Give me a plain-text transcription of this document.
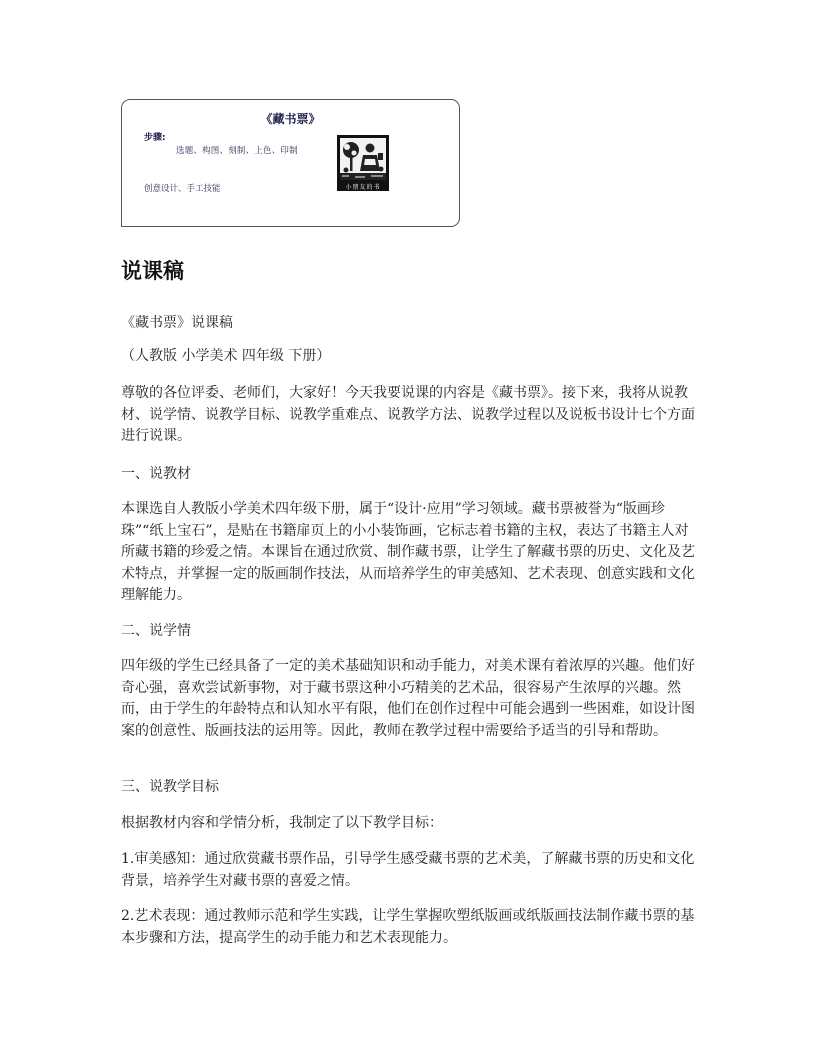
《藏书票》
步骤:
选题、构图、刻制、上色、印制
创意设计、手工技能	小朋友的书
说课稿

《藏书票》说课稿

（人教版 小学美术 四年级 下册）

尊敬的各位评委、老师们，大家好！今天我要说课的内容是《藏书票》。接下来，我将从说教材、说学情、说教学目标、说教学重难点、说教学方法、说教学过程以及说板书设计七个方面进行说课。

一、说教材

本课选自人教版小学美术四年级下册，属于“设计·应用”学习领域。藏书票被誉为“版画珍珠”“纸上宝石”，是贴在书籍扉页上的小小装饰画，它标志着书籍的主权，表达了书籍主人对所藏书籍的珍爱之情。本课旨在通过欣赏、制作藏书票，让学生了解藏书票的历史、文化及艺术特点，并掌握一定的版画制作技法，从而培养学生的审美感知、艺术表现、创意实践和文化理解能力。

二、说学情

四年级的学生已经具备了一定的美术基础知识和动手能力，对美术课有着浓厚的兴趣。他们好奇心强，喜欢尝试新事物，对于藏书票这种小巧精美的艺术品，很容易产生浓厚的兴趣。然而，由于学生的年龄特点和认知水平有限，他们在创作过程中可能会遇到一些困难，如设计图案的创意性、版画技法的运用等。因此，教师在教学过程中需要给予适当的引导和帮助。

三、说教学目标

根据教材内容和学情分析，我制定了以下教学目标：

1.审美感知：通过欣赏藏书票作品，引导学生感受藏书票的艺术美，了解藏书票的历史和文化背景，培养学生对藏书票的喜爱之情。

2.艺术表现：通过教师示范和学生实践，让学生掌握吹塑纸版画或纸版画技法制作藏书票的基本步骤和方法，提高学生的动手能力和艺术表现能力。
